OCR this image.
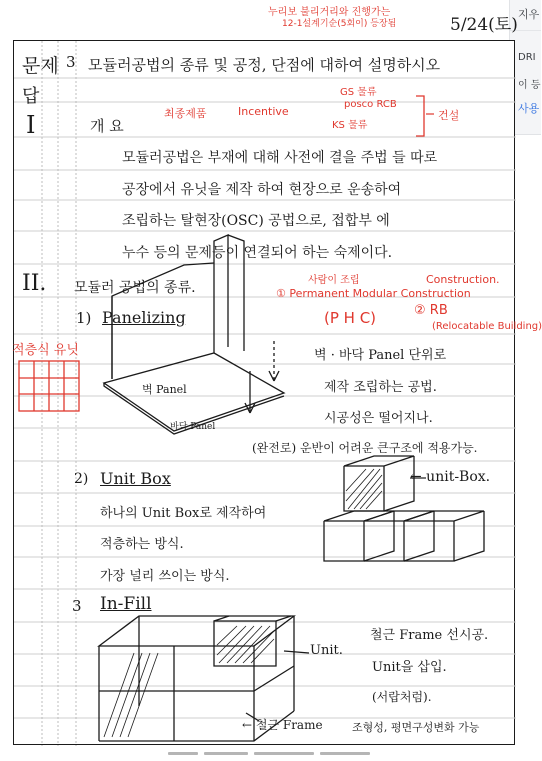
지우
DRI
이 등
사용
누리보 불리거리와 진행가는
12-1설계기순(5회이) 등장됨	5/24(토)
문제 3 모듈러공법의 종류 및 공정, 단점에 대하여 설명하시오
답
I	개 요
최종제품	Incentive
GS 물류
posco RCB
KS 물류
건설
모듈러공법은 부재에 대해 사전에 결을 주법 들 따로
공장에서 유닛을 제작 하여 현장으로 운송하여
조립하는 탈현장(OSC) 공법으로, 접합부 에
누수 등의 문제등이 연결되어 하는 숙제이다.
II. 모듈러 공법의 종류.	사람이 조립
① Permanent Modular Construction
Construction.
1) Panelizing	(P H C)	② RB
(Relocatable Building)
적층식 유닛
벽 Panel
바닥 Panel
벽 · 바닥 Panel 단위로
제작 조립하는 공법.
시공성은 떨어지나.
(완전로) 운반이 어려운 큰구조에 적용가능.
2) Unit Box	← unit-Box.
하나의 Unit Box로 제작하여
적층하는 방식.
가장 널리 쓰이는 방식.
3 In-Fill
Unit.
← 철근 Frame
철근 Frame 선시공.
Unit을 삽입.
(서랍처럼).
조형성, 평면구성변화 가능
